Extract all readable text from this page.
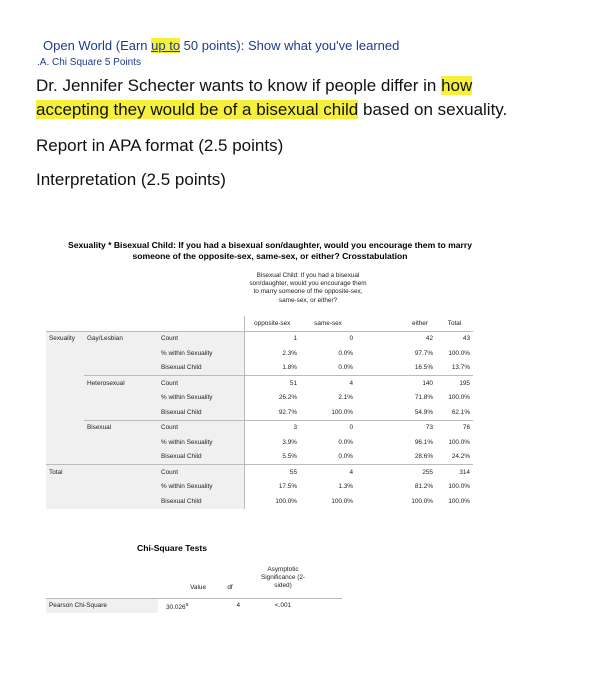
Open World (Earn up to 50 points): Show what you've learned
.A. Chi Square 5 Points
Dr. Jennifer Schecter wants to know if people differ in how
accepting they would be of a bisexual child based on sexuality.
Report in APA format (2.5 points)
Interpretation (2.5 points)
Sexuality * Bisexual Child: If you had a bisexual son/daughter, would you encourage them to marry someone of the opposite-sex, same-sex, or either? Crosstabulation
Bisexual Child: If you had a bisexual son/daughter, would you encourage them to marry someone of the opposite-sex, same-sex, or either?
			opposite-sex	same-sex	either	Total
Sexuality	Gay/Lesbian	Count	1	0	42	43
		% within Sexuality	2.3%	0.0%	97.7%	100.0%
		Bisexual Child	1.8%	0.0%	16.5%	13.7%
	Heterosexual	Count	51	4	140	195
		% within Sexuality	26.2%	2.1%	71.8%	100.0%
		Bisexual Child	92.7%	100.0%	54.9%	62.1%
	Bisexual	Count	3	0	73	76
		% within Sexuality	3.9%	0.0%	96.1%	100.0%
		Bisexual Child	5.5%	0.0%	28.6%	24.2%
Total		Count	55	4	255	314
		% within Sexuality	17.5%	1.3%	81.2%	100.0%
		Bisexual Child	100.0%	100.0%	100.0%	100.0%
Chi-Square Tests
Asymptotic Significance (2-sided)
Value	df
Pearson Chi-Square	30.026$^a$	4	<.001
